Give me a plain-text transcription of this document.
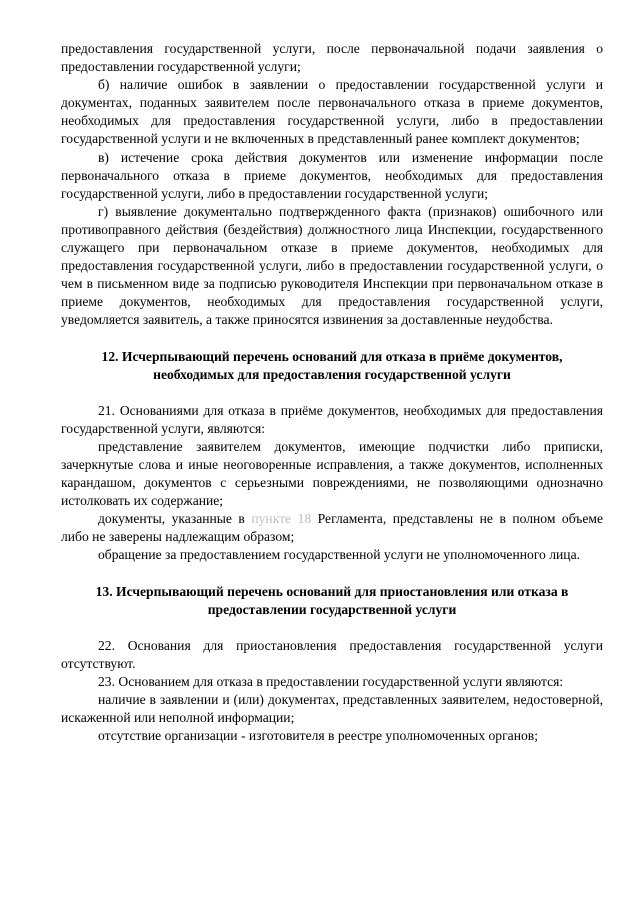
предоставления государственной услуги, после первоначальной подачи заявления о предоставлении государственной услуги;

б) наличие ошибок в заявлении о предоставлении государственной услуги и документах, поданных заявителем после первоначального отказа в приеме документов, необходимых для предоставления государственной услуги, либо в предоставлении государственной услуги и не включенных в представленный ранее комплект документов;

в) истечение срока действия документов или изменение информации после первоначального отказа в приеме документов, необходимых для предоставления государственной услуги, либо в предоставлении государственной услуги;

г) выявление документально подтвержденного факта (признаков) ошибочного или противоправного действия (бездействия) должностного лица Инспекции, государственного служащего при первоначальном отказе в приеме документов, необходимых для предоставления государственной услуги, либо в предоставлении государственной услуги, о чем в письменном виде за подписью руководителя Инспекции при первоначальном отказе в приеме документов, необходимых для предоставления государственной услуги, уведомляется заявитель, а также приносятся извинения за доставленные неудобства.

12. Исчерпывающий перечень оснований для отказа в приёме документов,

необходимых для предоставления государственной услуги

21. Основаниями для отказа в приёме документов, необходимых для предоставления государственной услуги, являются:

представление заявителем документов, имеющие подчистки либо приписки, зачеркнутые слова и иные неоговоренные исправления, а также документов, исполненных карандашом, документов с серьезными повреждениями, не позволяющими однозначно истолковать их содержание;

документы, указанные в пункте 18 Регламента, представлены не в полном объеме либо не заверены надлежащим образом;

обращение за предоставлением государственной услуги не уполномоченного лица.

13. Исчерпывающий перечень оснований для приостановления или отказа в

предоставлении государственной услуги

22. Основания для приостановления предоставления государственной услуги отсутствуют.

23. Основанием для отказа в предоставлении государственной услуги являются:

наличие в заявлении и (или) документах, представленных заявителем, недостоверной, искаженной или неполной информации;

отсутствие организации - изготовителя в реестре уполномоченных органов;
